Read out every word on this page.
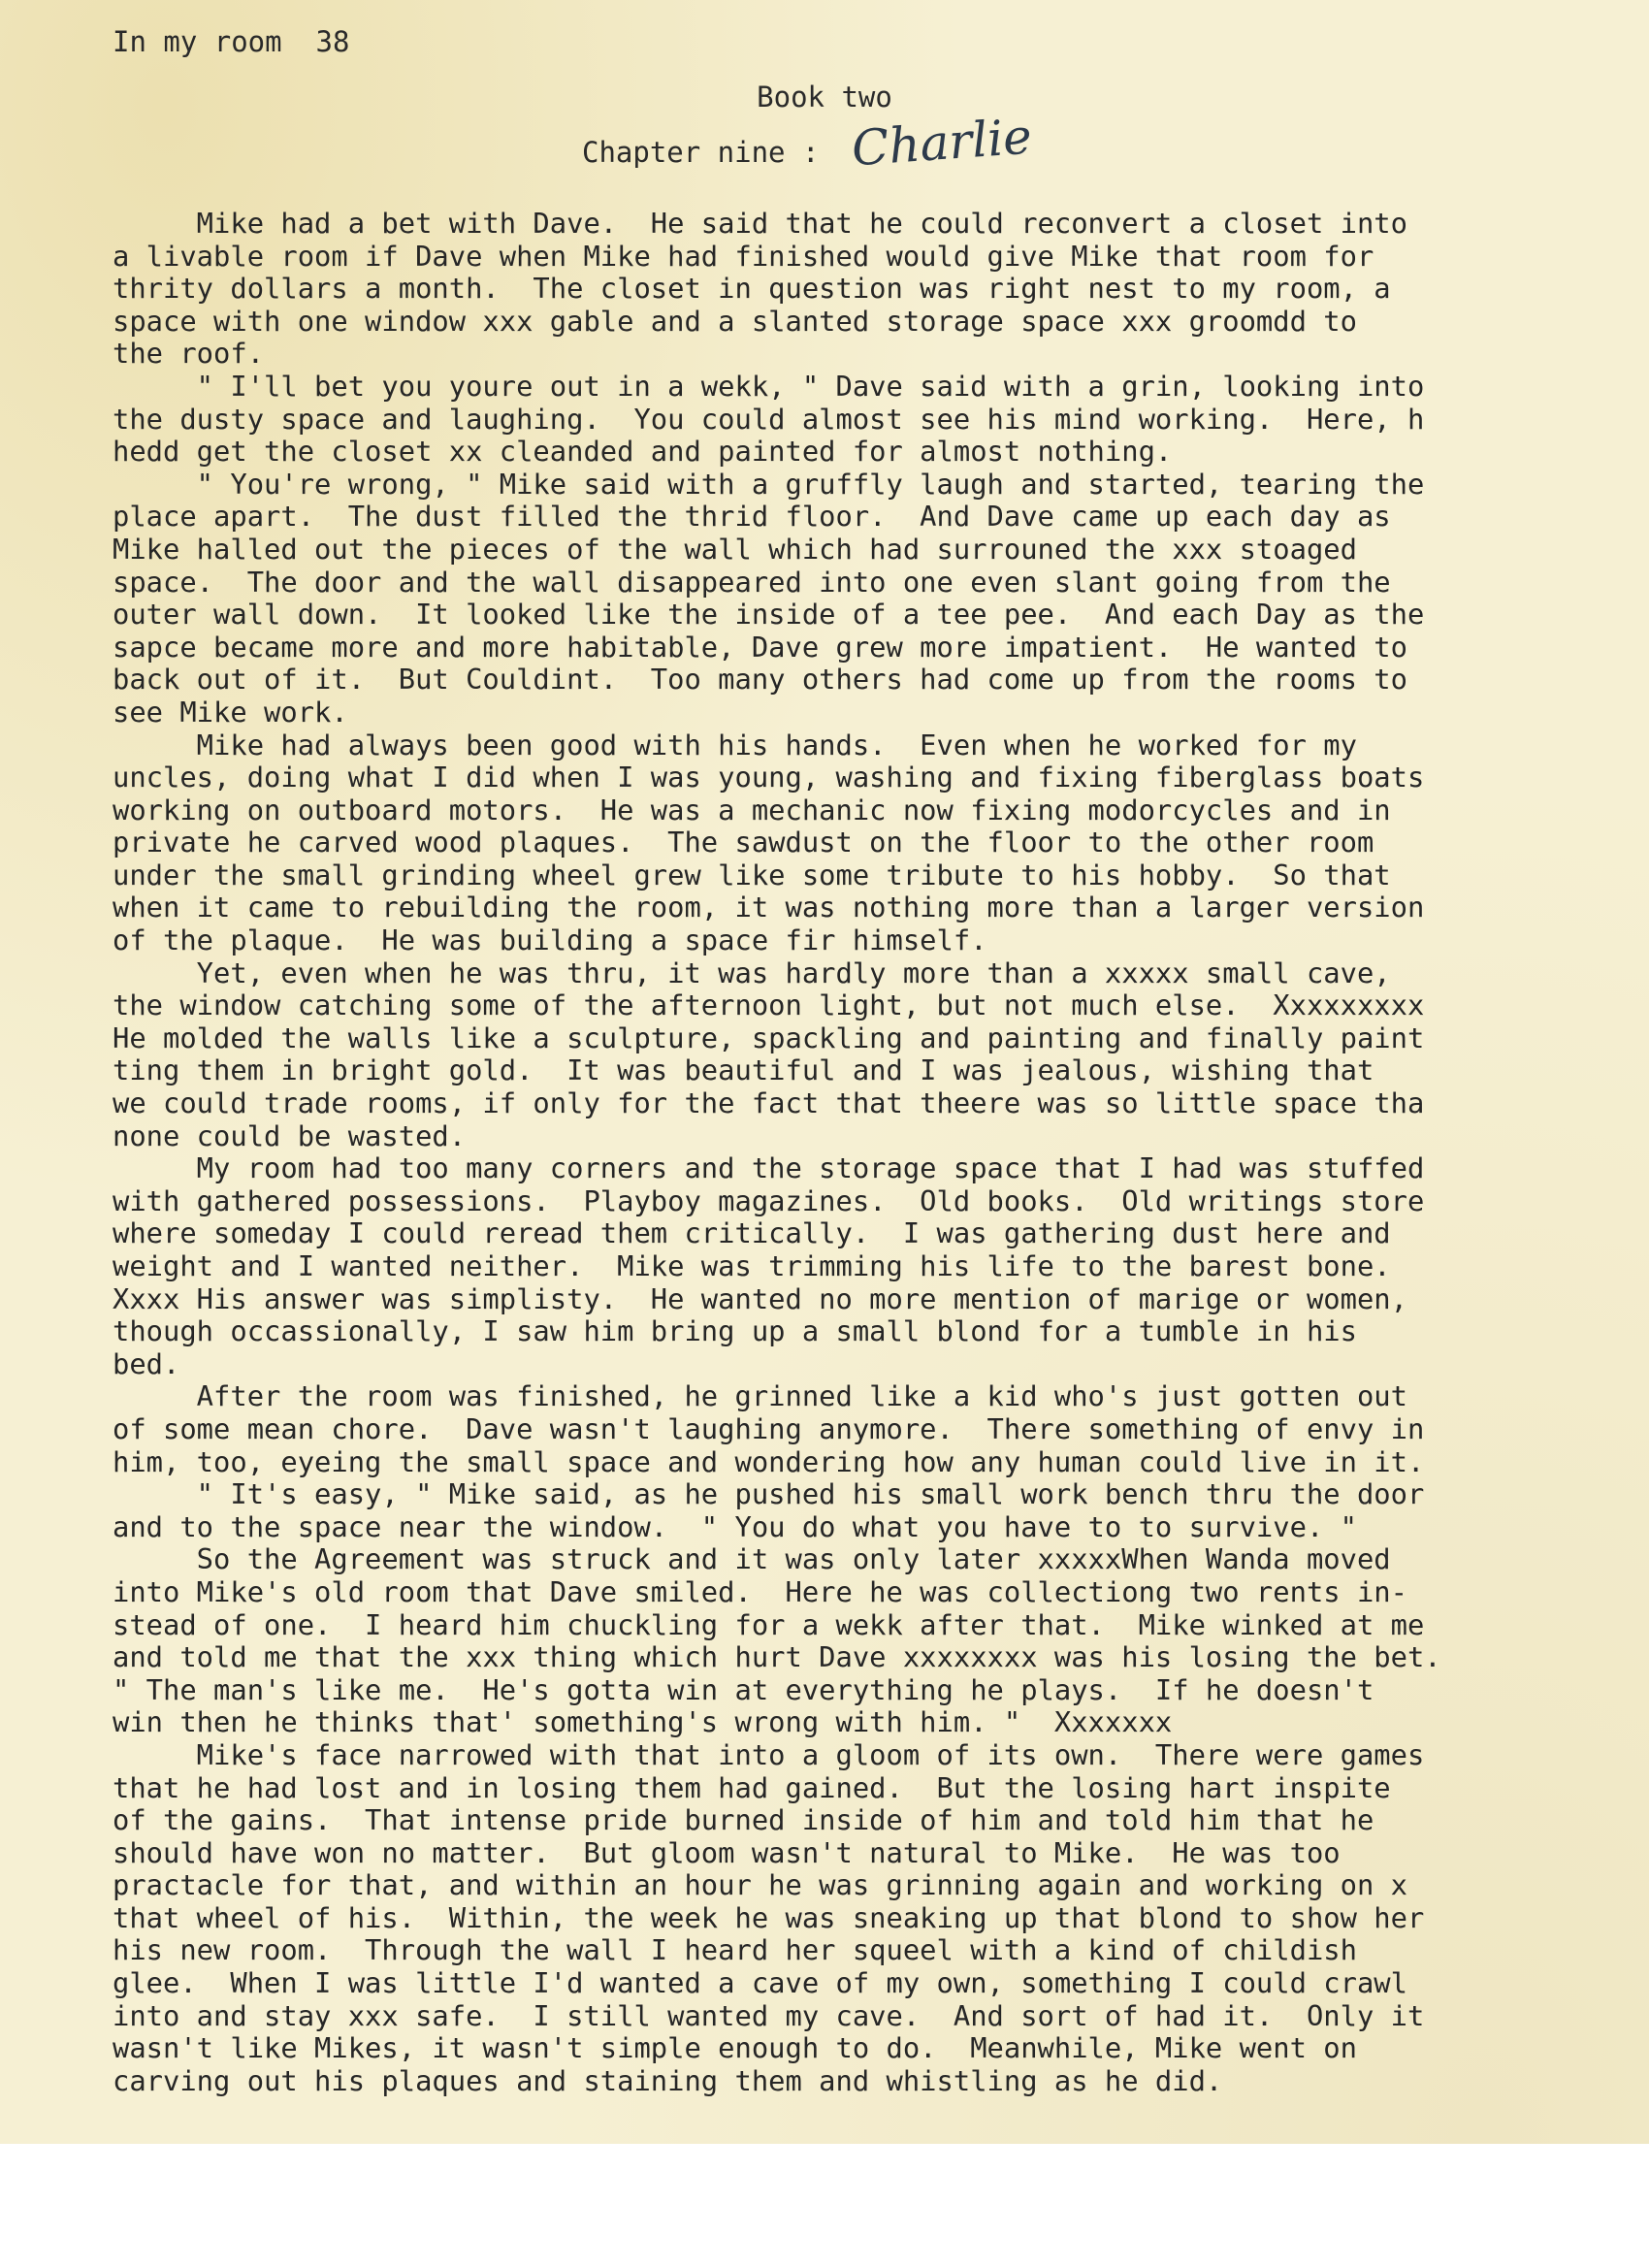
In my room  38
Book two
Chapter nine : Charlie
Mike had a bet with Dave.  He said that he could reconvert a closet into
a livable room if Dave when Mike had finished would give Mike that room for
thrity dollars a month.  The closet in question was right nest to my room, a
space with one window xxx gable and a slanted storage space xxx groomdd to
the roof.
" I'll bet you youre out in a wekk, " Dave said with a grin, looking into
the dusty space and laughing.  You could almost see his mind working.  Here, h
hedd get the closet xx cleanded and painted for almost nothing.
" You're wrong, " Mike said with a gruffly laugh and started, tearing the
place apart.  The dust filled the thrid floor.  And Dave came up each day as
Mike halled out the pieces of the wall which had surrouned the xxx stoaged
space.  The door and the wall disappeared into one even slant going from the
outer wall down.  It looked like the inside of a tee pee.  And each Day as the
sapce became more and more habitable, Dave grew more impatient.  He wanted to
back out of it.  But Couldint.  Too many others had come up from the rooms to
see Mike work.
Mike had always been good with his hands.  Even when he worked for my
uncles, doing what I did when I was young, washing and fixing fiberglass boats
working on outboard motors.  He was a mechanic now fixing modorcycles and in
private he carved wood plaques.  The sawdust on the floor to the other room
under the small grinding wheel grew like some tribute to his hobby.  So that
when it came to rebuilding the room, it was nothing more than a larger version
of the plaque.  He was building a space fir himself.
Yet, even when he was thru, it was hardly more than a xxxxx small cave,
the window catching some of the afternoon light, but not much else.  Xxxxxxxxx
He molded the walls like a sculpture, spackling and painting and finally paint
ting them in bright gold.  It was beautiful and I was jealous, wishing that
we could trade rooms, if only for the fact that theere was so little space tha
none could be wasted.
My room had too many corners and the storage space that I had was stuffed
with gathered possessions.  Playboy magazines.  Old books.  Old writings store
where someday I could reread them critically.  I was gathering dust here and
weight and I wanted neither.  Mike was trimming his life to the barest bone.
Xxxx His answer was simplisty.  He wanted no more mention of marige or women,
though occassionally, I saw him bring up a small blond for a tumble in his
bed.
After the room was finished, he grinned like a kid who's just gotten out
of some mean chore.  Dave wasn't laughing anymore.  There something of envy in
him, too, eyeing the small space and wondering how any human could live in it.
" It's easy, " Mike said, as he pushed his small work bench thru the door
and to the space near the window.  " You do what you have to to survive. "
So the Agreement was struck and it was only later xxxxxWhen Wanda moved
into Mike's old room that Dave smiled.  Here he was collectiong two rents in-
stead of one.  I heard him chuckling for a wekk after that.  Mike winked at me
and told me that the xxx thing which hurt Dave xxxxxxxx was his losing the bet.
" The man's like me.  He's gotta win at everything he plays.  If he doesn't
win then he thinks that' something's wrong with him. "  Xxxxxxx
Mike's face narrowed with that into a gloom of its own.  There were games
that he had lost and in losing them had gained.  But the losing hart inspite
of the gains.  That intense pride burned inside of him and told him that he
should have won no matter.  But gloom wasn't natural to Mike.  He was too
practacle for that, and within an hour he was grinning again and working on x
that wheel of his.  Within, the week he was sneaking up that blond to show her
his new room.  Through the wall I heard her squeel with a kind of childish
glee.  When I was little I'd wanted a cave of my own, something I could crawl
into and stay xxx safe.  I still wanted my cave.  And sort of had it.  Only it
wasn't like Mikes, it wasn't simple enough to do.  Meanwhile, Mike went on
carving out his plaques and staining them and whistling as he did.
